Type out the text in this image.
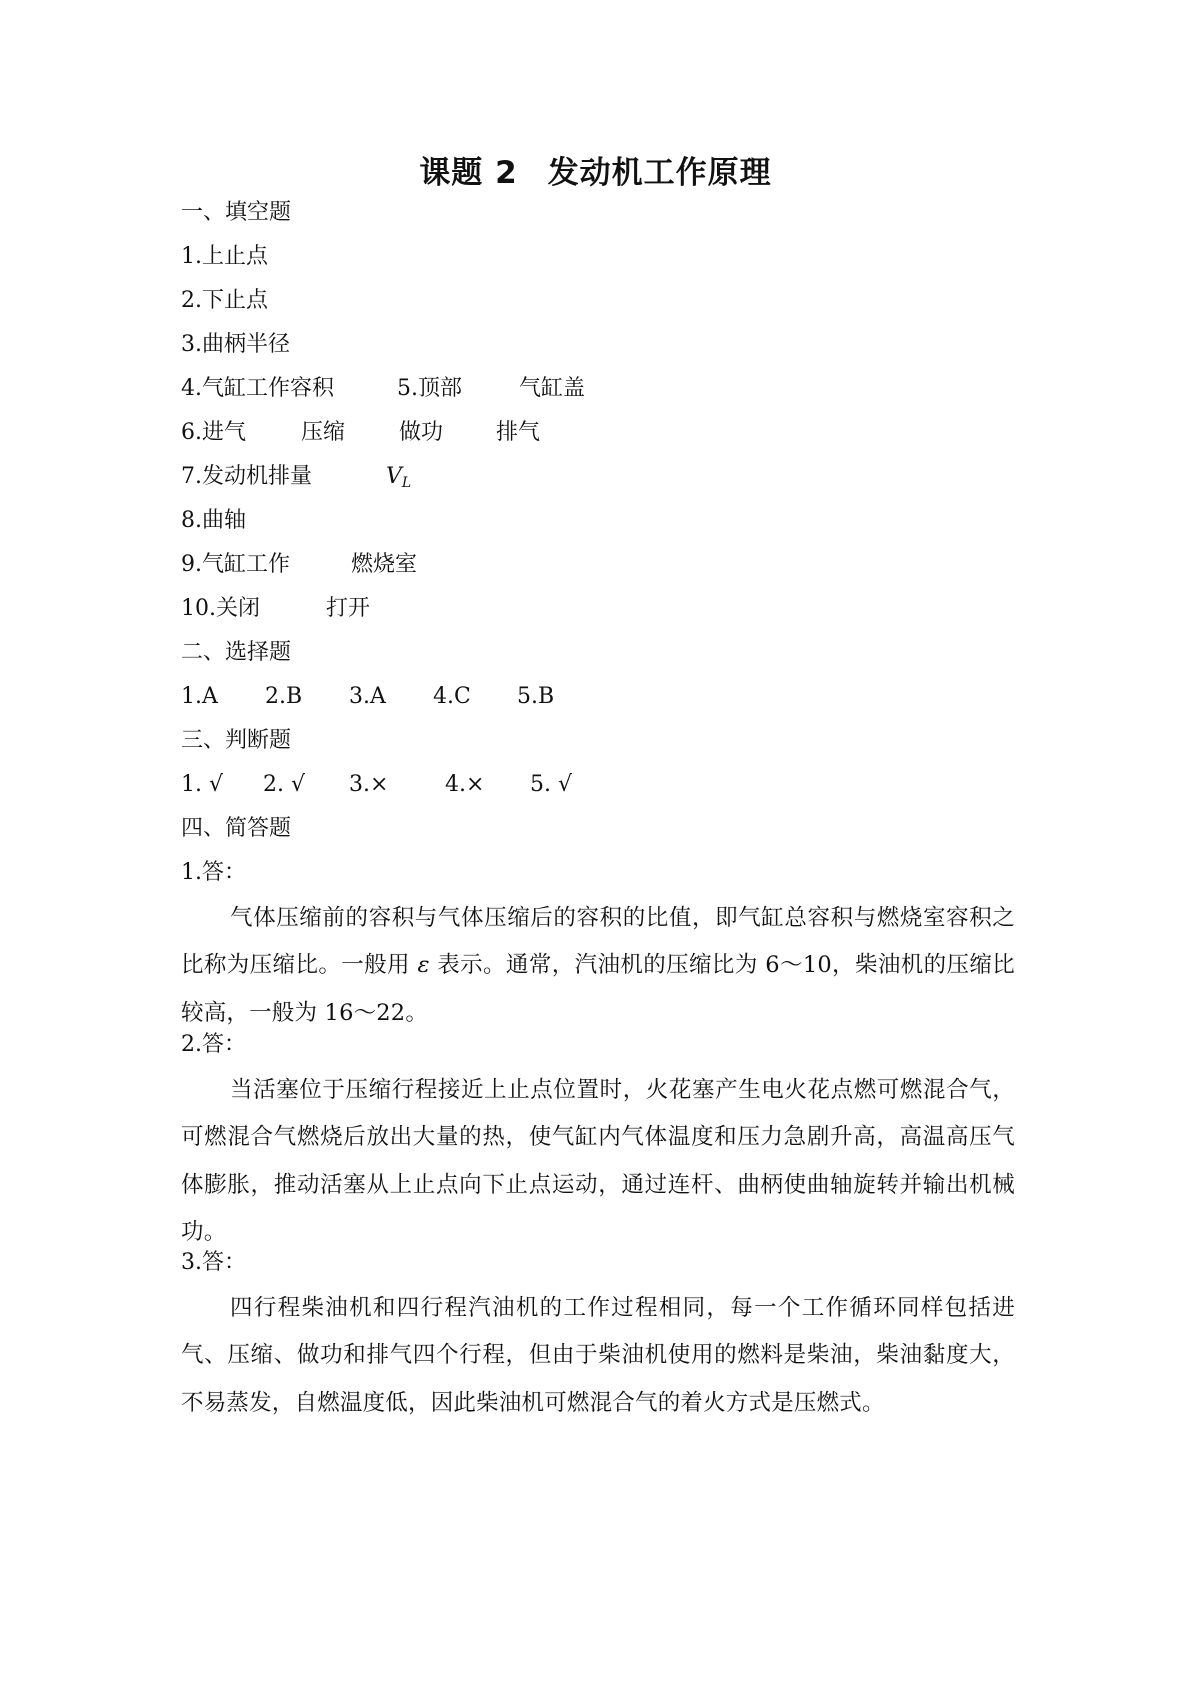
课题 2 发动机工作原理
一、填空题
1.上止点
2.下止点
3.曲柄半径
4.气缸工作容积	5.顶部	气缸盖
6.进气	压缩 做功 排气
7.发动机排量	$V_L$
8.曲轴
9.气缸工作	燃烧室
10.关闭	打开
二、选择题
1.A 2.B 3.A 4.C 5.B
三、判断题
1. √ 2. √ 3.×	4.× 5. √
四、简答题
1.答：
气体压缩前的容积与气体压缩后的容积的比值，即气缸总容积与燃烧室容积之比称为压缩比。一般用 ε 表示。通常，汽油机的压缩比为 6～10，柴油机的压缩比较高，一般为 16～22。
2.答：
当活塞位于压缩行程接近上止点位置时，火花塞产生电火花点燃可燃混合气，可燃混合气燃烧后放出大量的热，使气缸内气体温度和压力急剧升高，高温高压气体膨胀，推动活塞从上止点向下止点运动，通过连杆、曲柄使曲轴旋转并输出机械功。
3.答：
四行程柴油机和四行程汽油机的工作过程相同，每一个工作循环同样包括进气、压缩、做功和排气四个行程，但由于柴油机使用的燃料是柴油，柴油黏度大，不易蒸发，自燃温度低，因此柴油机可燃混合气的着火方式是压燃式。
